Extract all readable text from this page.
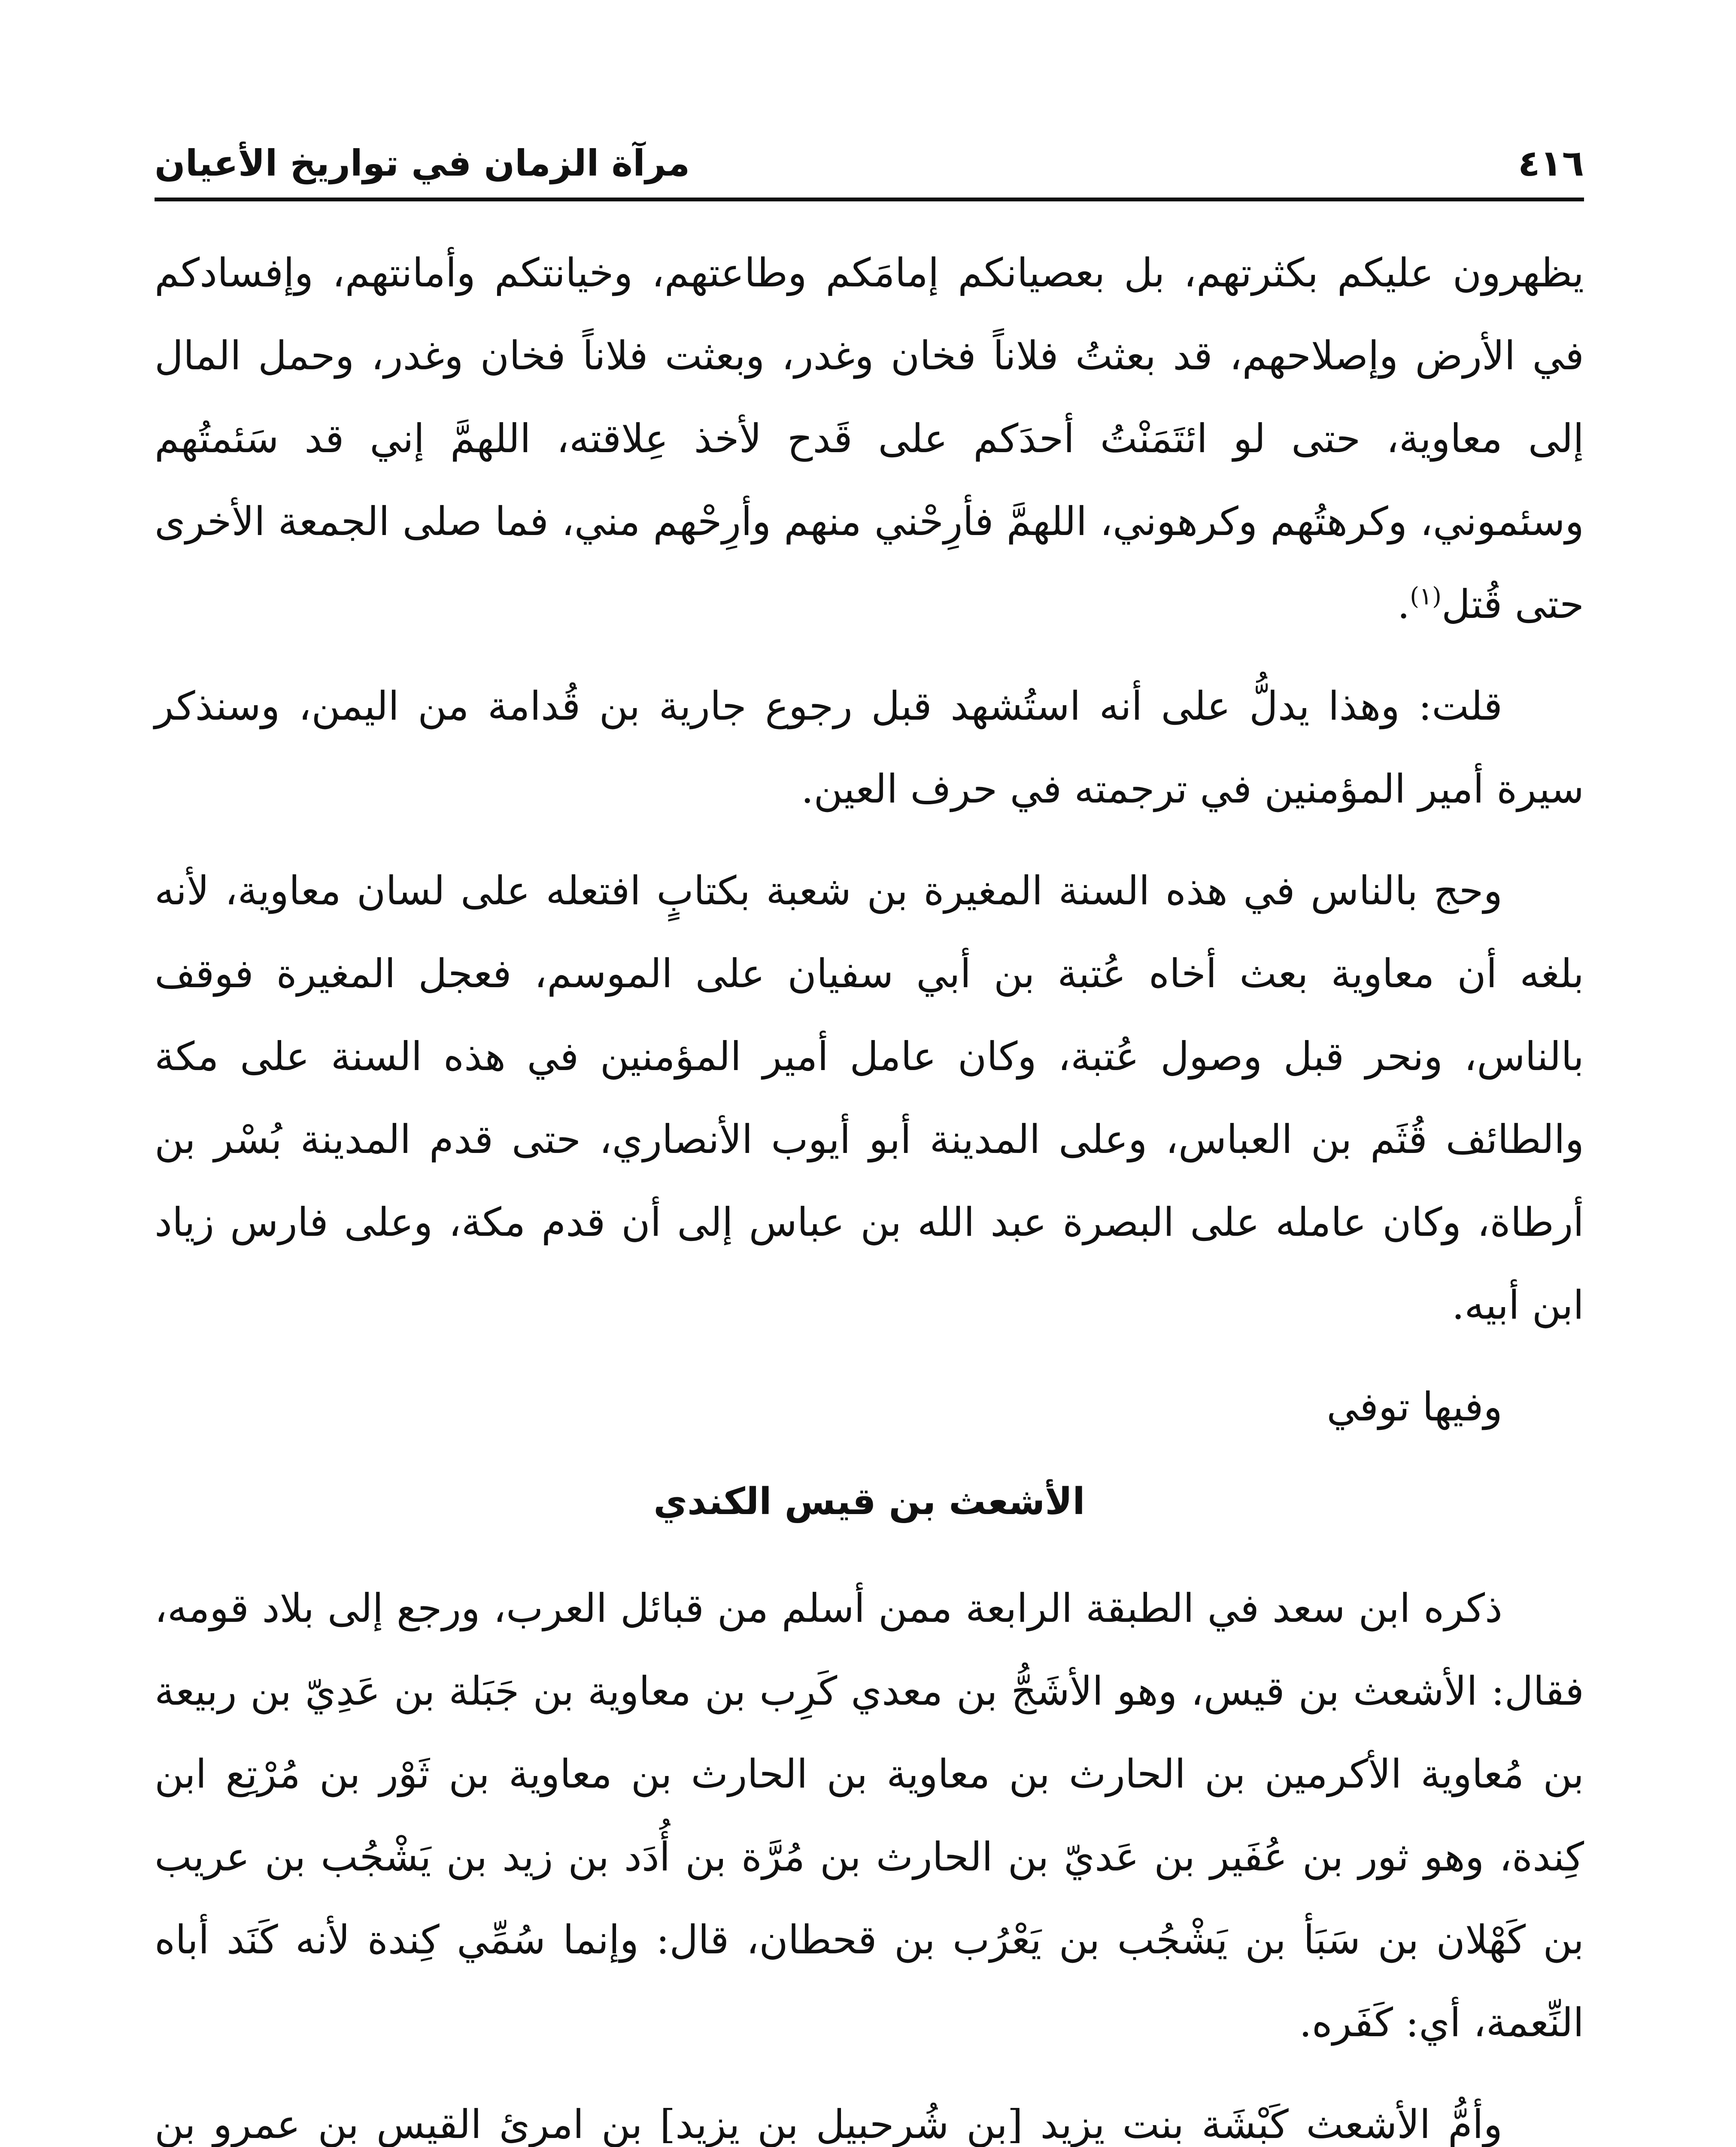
٤١٦
مرآة الزمان في تواريخ الأعيان

يظهرون عليكم بكثرتهم، بل بعصيانكم إمامَكم وطاعتهم، وخيانتكم وأمانتهم، وإفسادكم في الأرض وإصلاحهم، قد بعثتُ فلاناً فخان وغدر، وبعثت فلاناً فخان وغدر، وحمل المال إلى معاوية، حتى لو ائتَمَنْتُ أحدَكم على قَدح لأخذ عِلاقته، اللهمَّ إني قد سَئمتُهم وسئموني، وكرهتُهم وكرهوني، اللهمَّ فأرِحْني منهم وأرِحْهم مني، فما صلى الجمعة الأخرى حتى قُتل$^{(١)}$.

قلت: وهذا يدلُّ على أنه استُشهد قبل رجوع جارية بن قُدامة من اليمن، وسنذكر سيرة أمير المؤمنين في ترجمته في حرف العين.

وحج بالناس في هذه السنة المغيرة بن شعبة بكتابٍ افتعله على لسان معاوية، لأنه بلغه أن معاوية بعث أخاه عُتبة بن أبي سفيان على الموسم، فعجل المغيرة فوقف بالناس، ونحر قبل وصول عُتبة، وكان عامل أمير المؤمنين في هذه السنة على مكة والطائف قُثَم بن العباس، وعلى المدينة أبو أيوب الأنصاري، حتى قدم المدينة بُسْر بن أرطاة، وكان عامله على البصرة عبد الله بن عباس إلى أن قدم مكة، وعلى فارس زياد ابن أبيه.

وفيها توفي

الأشعث بن قيس الكندي

ذكره ابن سعد في الطبقة الرابعة ممن أسلم من قبائل العرب، ورجع إلى بلاد قومه، فقال: الأشعث بن قيس، وهو الأشَجُّ بن معدي كَرِب بن معاوية بن جَبَلة بن عَدِيّ بن ربيعة بن مُعاوية الأكرمين بن الحارث بن معاوية بن الحارث بن معاوية بن ثَوْر بن مُرْتِع ابن كِندة، وهو ثور بن عُفَير بن عَديّ بن الحارث بن مُرَّة بن أُدَد بن زيد بن يَشْجُب بن عريب بن كَهْلان بن سَبَأ بن يَشْجُب بن يَعْرُب بن قحطان، قال: وإنما سُمِّي كِندة لأنه كَنَد أباه النِّعمة، أي: كَفَره.

وأمُّ الأشعث كَبْشَة بنت يزيد [بن شُرحبيل بن يزيد] بن امرئ القيس بن عمرو بن
